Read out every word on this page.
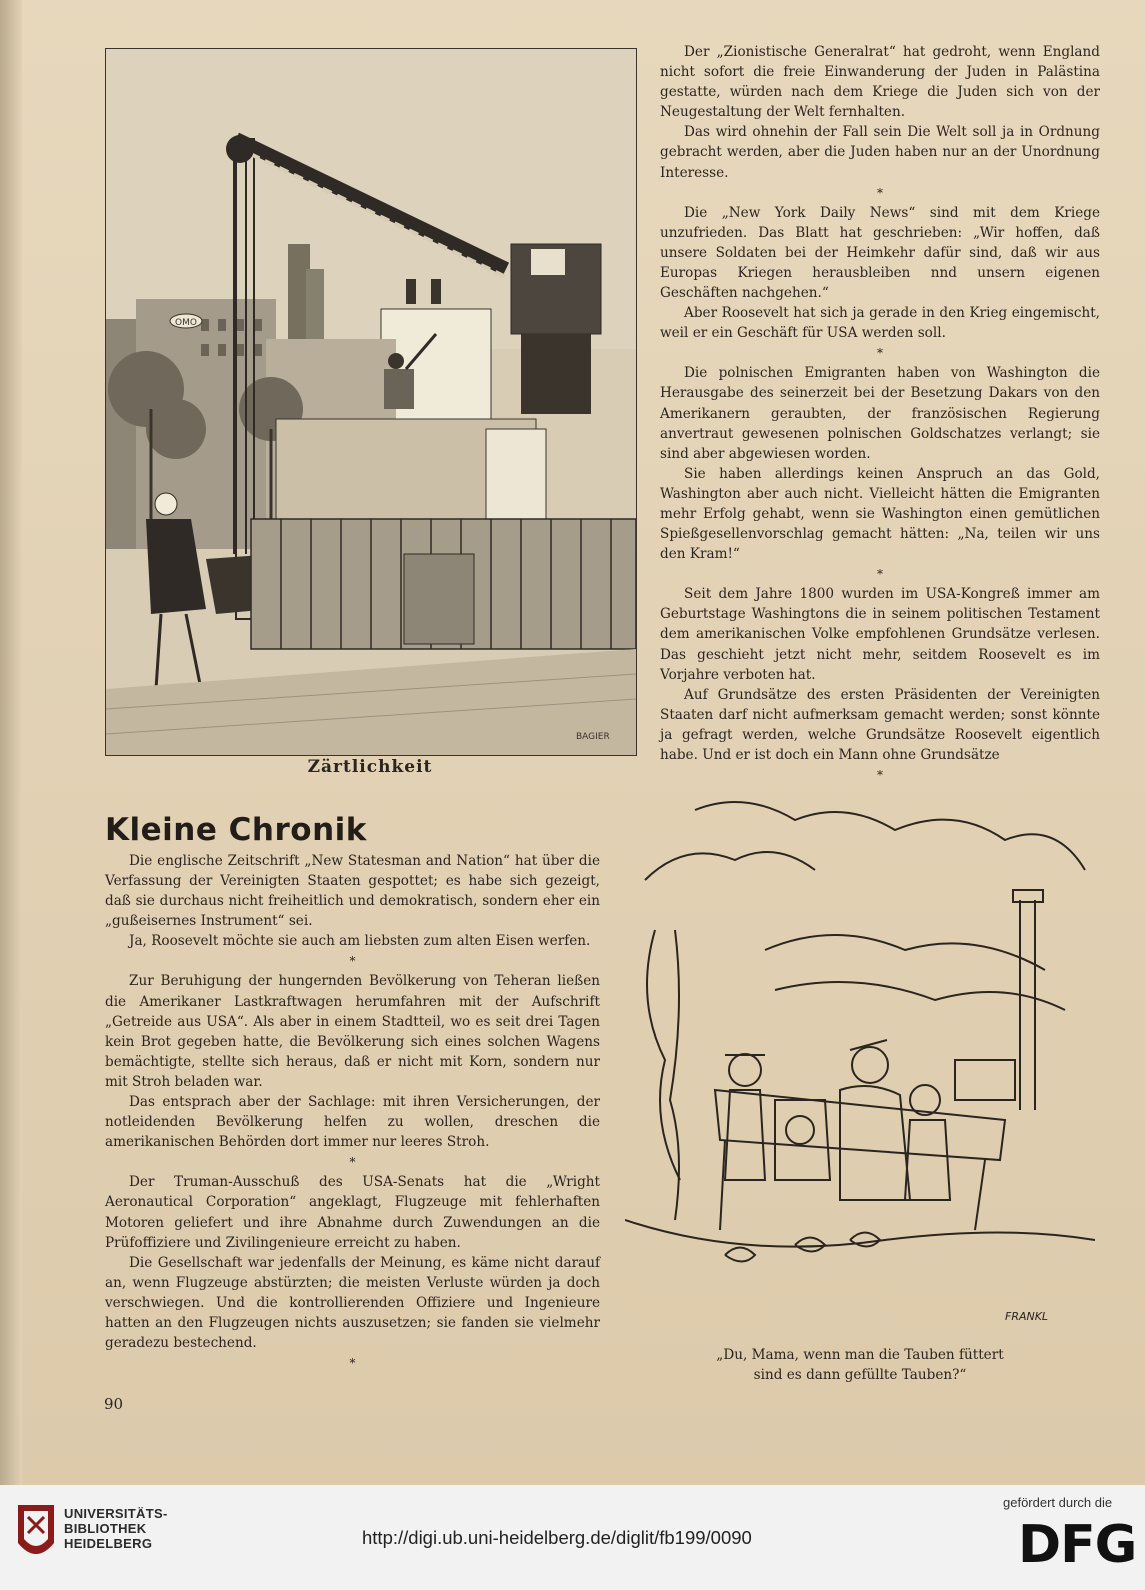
OMO
BAGIER
Zärtlichkeit

Der „Zionistische Generalrat“ hat gedroht, wenn England nicht sofort die freie Einwanderung der Juden in Palästina gestatte, würden nach dem Kriege die Juden sich von der Neugestaltung der Welt fernhalten.

Das wird ohnehin der Fall sein Die Welt soll ja in Ordnung gebracht werden, aber die Juden haben nur an der Unordnung Interesse.

*

Die „New York Daily News“ sind mit dem Kriege unzufrieden. Das Blatt hat geschrieben: „Wir hoffen, daß unsere Soldaten bei der Heimkehr dafür sind, daß wir aus Europas Kriegen herausbleiben nnd unsern eigenen Geschäften nachgehen.“

Aber Roosevelt hat sich ja gerade in den Krieg eingemischt, weil er ein Geschäft für USA werden soll.

*

Die polnischen Emigranten haben von Washington die Herausgabe des seinerzeit bei der Besetzung Dakars von den Amerikanern geraubten, der französischen Regierung anvertraut gewesenen polnischen Goldschatzes verlangt; sie sind aber abgewiesen worden.

Sie haben allerdings keinen Anspruch an das Gold, Washington aber auch nicht. Vielleicht hätten die Emigranten mehr Erfolg gehabt, wenn sie Washington einen gemütlichen Spießgesellenvorschlag gemacht hätten: „Na, teilen wir uns den Kram!“

*

Seit dem Jahre 1800 wurden im USA-Kongreß immer am Geburtstage Washingtons die in seinem politischen Testament dem amerikanischen Volke empfohlenen Grundsätze verlesen. Das geschieht jetzt nicht mehr, seitdem Roosevelt es im Vorjahre verboten hat.

Auf Grundsätze des ersten Präsidenten der Vereinigten Staaten darf nicht aufmerksam gemacht werden; sonst könnte ja gefragt werden, welche Grundsätze Roosevelt eigentlich habe. Und er ist doch ein Mann ohne Grundsätze

*

Kleine Chronik

Die englische Zeitschrift „New Statesman and Nation“ hat über die Verfassung der Vereinigten Staaten gespottet; es habe sich gezeigt, daß sie durchaus nicht freiheitlich und demokratisch, sondern eher ein „gußeisernes Instrument“ sei.

Ja, Roosevelt möchte sie auch am liebsten zum alten Eisen werfen.

*

Zur Beruhigung der hungernden Bevölkerung von Teheran ließen die Amerikaner Lastkraftwagen herumfahren mit der Aufschrift „Getreide aus USA“. Als aber in einem Stadtteil, wo es seit drei Tagen kein Brot gegeben hatte, die Bevölkerung sich eines solchen Wagens bemächtigte, stellte sich heraus, daß er nicht mit Korn, sondern nur mit Stroh beladen war.

Das entsprach aber der Sachlage: mit ihren Versicherungen, der notleidenden Bevölkerung helfen zu wollen, dreschen die amerikanischen Behörden dort immer nur leeres Stroh.

*

Der Truman-Ausschuß des USA-Senats hat die „Wright Aeronautical Corporation“ angeklagt, Flugzeuge mit fehlerhaften Motoren geliefert und ihre Abnahme durch Zuwendungen an die Prüfoffiziere und Zivilingenieure erreicht zu haben.

Die Gesellschaft war jedenfalls der Meinung, es käme nicht darauf an, wenn Flugzeuge abstürzten; die meisten Verluste würden ja doch verschwiegen. Und die kontrollierenden Offiziere und Ingenieure hatten an den Flugzeugen nichts auszusetzen; sie fanden sie vielmehr geradezu bestechend.

*

FRANKL
„Du, Mama, wenn man die Tauben füttert
sind es dann gefüllte Tauben?“
90
UNIVERSITÄTS-
BIBLIOTHEK
HEIDELBERG	http://digi.ub.uni-heidelberg.de/diglit/fb199/0090
gefördert durch die
DFG
